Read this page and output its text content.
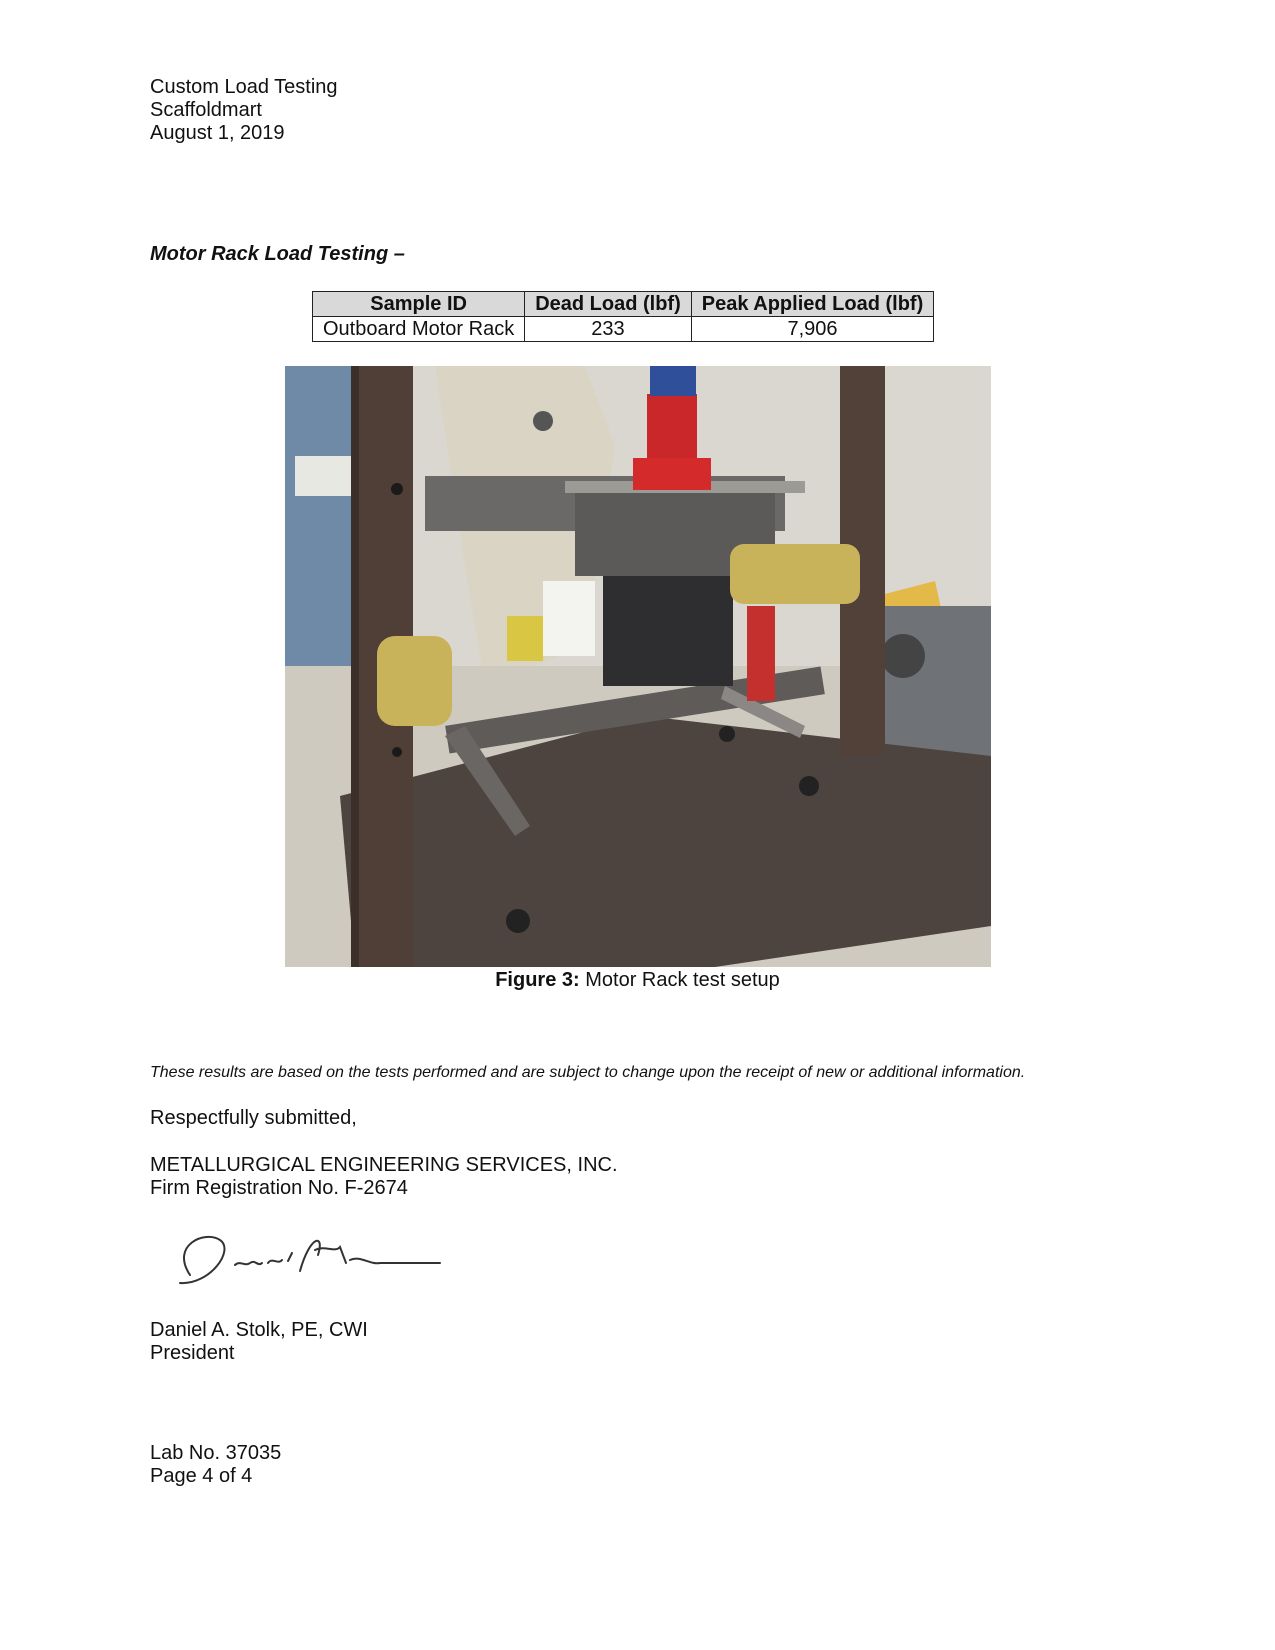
Custom Load Testing
Scaffoldmart
August 1, 2019
Motor Rack Load Testing –
Sample ID	Dead Load (lbf)	Peak Applied Load (lbf)
Outboard Motor Rack	233	7,906
Figure 3: Motor Rack test setup
These results are based on the tests performed and are subject to change upon the receipt of new or additional information.
Respectfully submitted,
METALLURGICAL ENGINEERING SERVICES, INC.
Firm Registration No. F-2674
Daniel A. Stolk, PE, CWI
President
Lab No. 37035
Page 4 of 4
